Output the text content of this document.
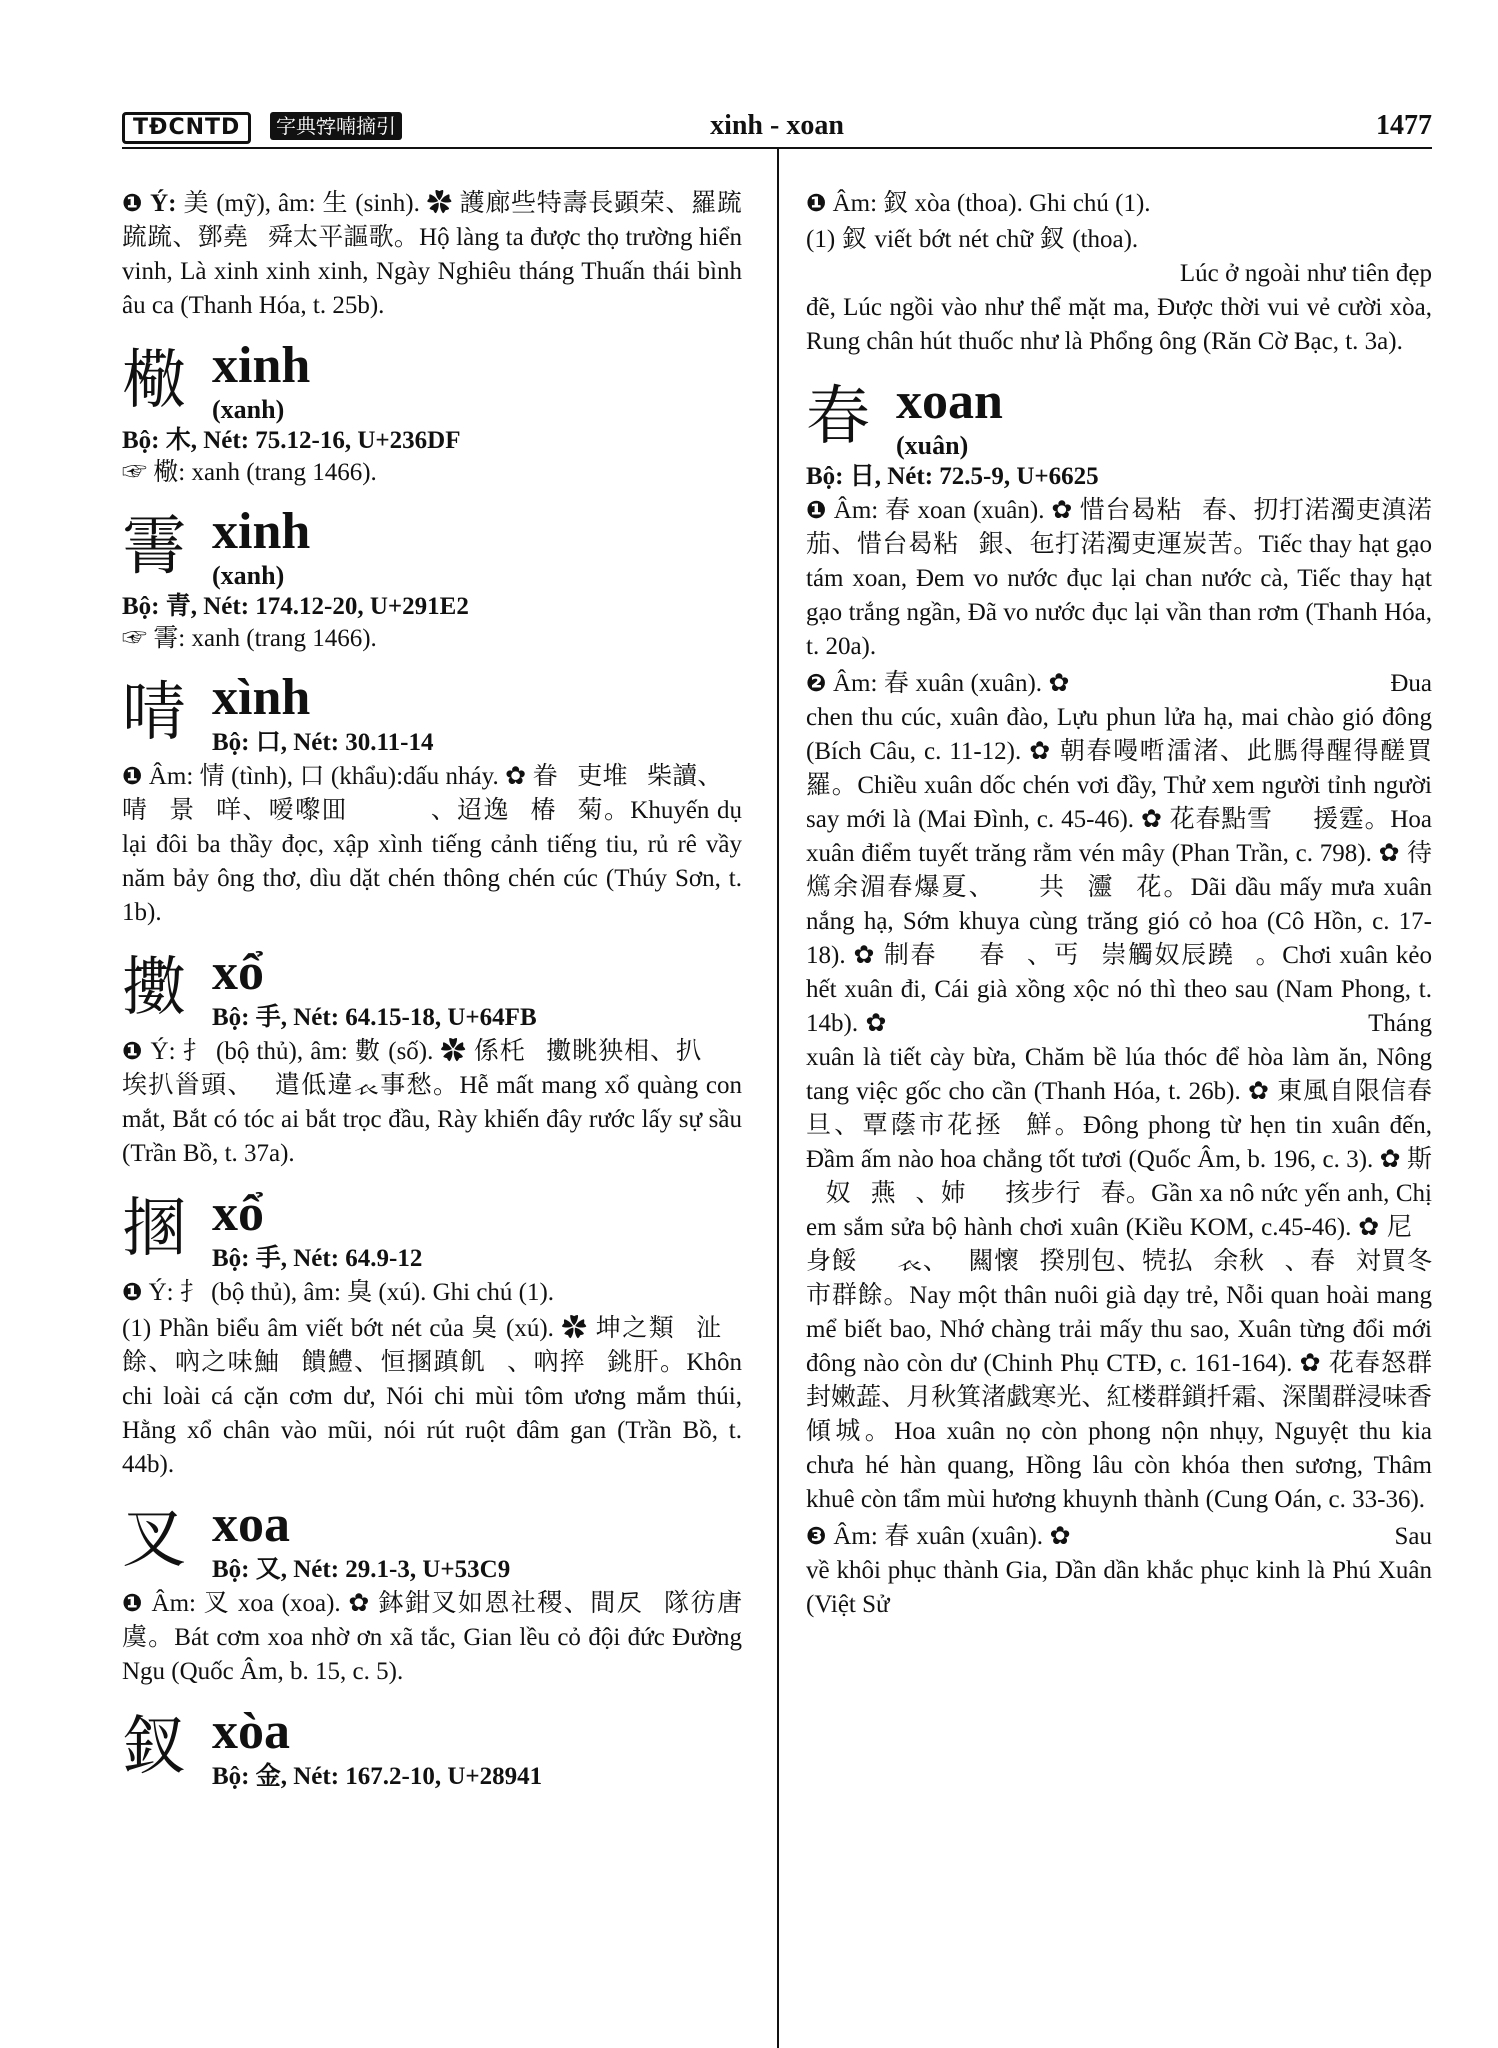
TĐCNTD	字典𡨸喃摘引	xinh - xoan	1477

❶ Ý: 美 (mỹ), âm: 生 (sinh). ✿ 護廊些特壽長顕荣、羅䟽䟽䟽、鄧堯𦝄舜太平謳歌。Hộ làng ta được thọ trường hiển vinh, Là xinh xinh xinh, Ngày Nghiêu tháng Thuấn thái bình âu ca (Thanh Hóa, t. 25b).

㯳 xinh
(xanh)
Bộ: 木, Nét: 75.12-16, U+236DF
☞ 㯳: xanh (trang 1466).
䨝 xinh
(xanh)
Bộ: 青, Nét: 174.12-20, U+291E2
☞ 䨝: xanh (trang 1466).
啨 xình
Bộ: 口, Nét: 30.11-14

❶ Âm: 情 (tình), 口 (khẩu):dấu nháy. ✿ 眷𠸒吏堆𦤾柴讀、𠼿啨𠷍景𠷍咩、嗳嚟囬𦙫𢀨𢚸𨅸、迢逸𠹗椿𠹗菊。Khuyến dụ lại đôi ba thầy đọc, xập xình tiếng cảnh tiếng tiu, rủ rê vầy năm bảy ông thơ, dìu dặt chén thông chén cúc (Thúy Sơn, t. 1b).

擻 xổ
Bộ: 手, Nét: 64.15-18, U+64FB

❶ Ý: 扌 (bộ thủ), âm: 數 (số). ✿ 係杔𦛌擻眺㹧相、扒𩯀𨖅埃扒𩠐頭、𢫝遣低違𧘇事愁。Hễ mất mang xổ quàng con mắt, Bắt có tóc ai bắt trọc đầu, Rày khiến đây rước lấy sự sầu (Trần Bồ, t. 37a).

㨡 xổ
Bộ: 手, Nét: 64.9-12

❶ Ý: 扌 (bộ thủ), âm: 臭 (xú). Ghi chú (1).

(1) Phần biểu âm viết bớt nét của 臭 (xú). ✿ 坤之類𩵜沚𩜀餘、吶之味鮋𤁘饋鱧、恒㨡蹎飢𪖫、吶捽𦛌銚肝。Khôn chi loài cá cặn cơm dư, Nói chi mùi tôm ương mắm thúi, Hằng xổ chân vào mũi, nói rút ruột đâm gan (Trần Bồ, t. 44b).

叉 xoa
Bộ: 又, Nét: 29.1-3, U+53C9

❶ Âm: 叉 xoa (xoa). ✿ 鉢鉗叉如恩社稷、間𡰦𩈘隊彷唐虞。Bát cơm xoa nhờ ơn xã tắc, Gian lều cỏ đội đức Đường Ngu (Quốc Âm, b. 15, c. 5).

釵 xòa
Bộ: 金, Nét: 167.2-10, U+28941

❶ Âm: 釵 xòa (thoa). Ghi chú (1).

(1) 釵 viết bớt nét chữ 釵 (thoa). ✿ 𣇜於外如仙𦀚𤵶、𣇜𣛞𠊛如体𦝄麻、特辰㥋𧷸哄釵、搭𩠐吻𦭷如𤿤𦝄翁。Lúc ở ngoài như tiên đẹp đẽ, Lúc ngồi vào như thể mặt ma, Được thời vui vẻ cười xòa, Rung chân hút thuốc như là Phổng ông (Răn Cờ Bạc, t. 3a).

春 xoan
(xuân)
Bộ: 日, Nét: 72.5-9, U+6625

❶ Âm: 春 xoan (xuân). ✿ 惜台曷粘𥹰春、㧅打渃濁吏滇渃茄、惜台曷粘𤽗銀、㐌打渃濁吏運炭苦。Tiếc thay hạt gạo tám xoan, Đem vo nước đục lại chan nước cà, Tiếc thay hạt gạo trắng ngần, Đã vo nước đục lại vần than rơm (Thanh Hóa, t. 20a).

❷ Âm: 春 xuân (xuân). ✿ 𢹣𤄯秋菊春桃、榴𡃹焒夏梅嘲𠖾冬。Đua chen thu cúc, xuân đào, Lựu phun lửa hạ, mai chào gió đông (Bích Câu, c. 11-12). ✿ 朝春𠼦𠹗㵢渚、此𦟐得醒得醝買羅。Chiều xuân dốc chén vơi đầy, Thử xem người tỉnh người say mới là (Mai Đình, c. 45-46). ✿ 花春點雪𦛋𩅹援霆。Hoa xuân điểm tuyết trăng rằm vén mây (Phan Trần, c. 798). ✿ 待𤒘余湄春爆夏、𡗶𢀭共𦛋𤅷𩈘花。Dãi dầu mấy mưa xuân nắng hạ, Sớm khuya cùng trăng gió cỏ hoa (Cô Hồn, c. 17-18). ✿ 制春𥚄𢲣春𢏜、丐𦟐崇觸奴辰蹺𨋣。Chơi xuân kẻo hết xuân đi, Cái già xồng xộc nó thì theo sau (Nam Phong, t. 14b). ✿ 𣎃春羅節耕𦓿、𥱬皮𥟉秃底和𠄼咹、農桑役𣑳朱勤。Tháng xuân là tiết cày bừa, Chăm bề lúa thóc để hòa làm ăn, Nông tang việc gốc cho cần (Thanh Hóa, t. 26b). ✿ 東風自限信春旦、覃蔭市花拯𤀓鮮。Đông phong từ hẹn tin xuân đến, Đầm ấm nào hoa chẳng tốt tươi (Quốc Âm, b. 196, c. 3). ✿ 斯𠻵奴𠰉燕𪅴、姉𡛔𢭸㧡步行𨔈春。Gần xa nô nức yến anh, Chị em sắm sửa bộ hành chơi xuân (Kiều KOM, c.45-46). ✿ 尼𠃣身餒𦓡𠼤𧘇、𢯦闗懷𢭸揆別包、㸿払𠴍余秋𨷈、春𡳳対買冬市群餘。Nay một thân nuôi già dạy trẻ, Nỗi quan hoài mang mể biết bao, Nhớ chàng trải mấy thu sao, Xuân từng đổi mới đông nào còn dư (Chinh Phụ CTĐ, c. 161-164). ✿ 花春怒群封嫩蕋、月秋箕渚戯寒光、紅楼群鎖扦霜、深閨群浸味香傾城。Hoa xuân nọ còn phong nộn nhụy, Nguyệt thu kia chưa hé hàn quang, Hồng lâu còn khóa then sương, Thâm khuê còn tẩm mùi hương khuynh thành (Cung Oán, c. 33-36).

❸ Âm: 春 xuân (xuân). ✿ 𣋇術恢復城嘉、寅寅克復京羅富春。Sau về khôi phục thành Gia, Dần dần khắc phục kinh là Phú Xuân (Việt Sử
